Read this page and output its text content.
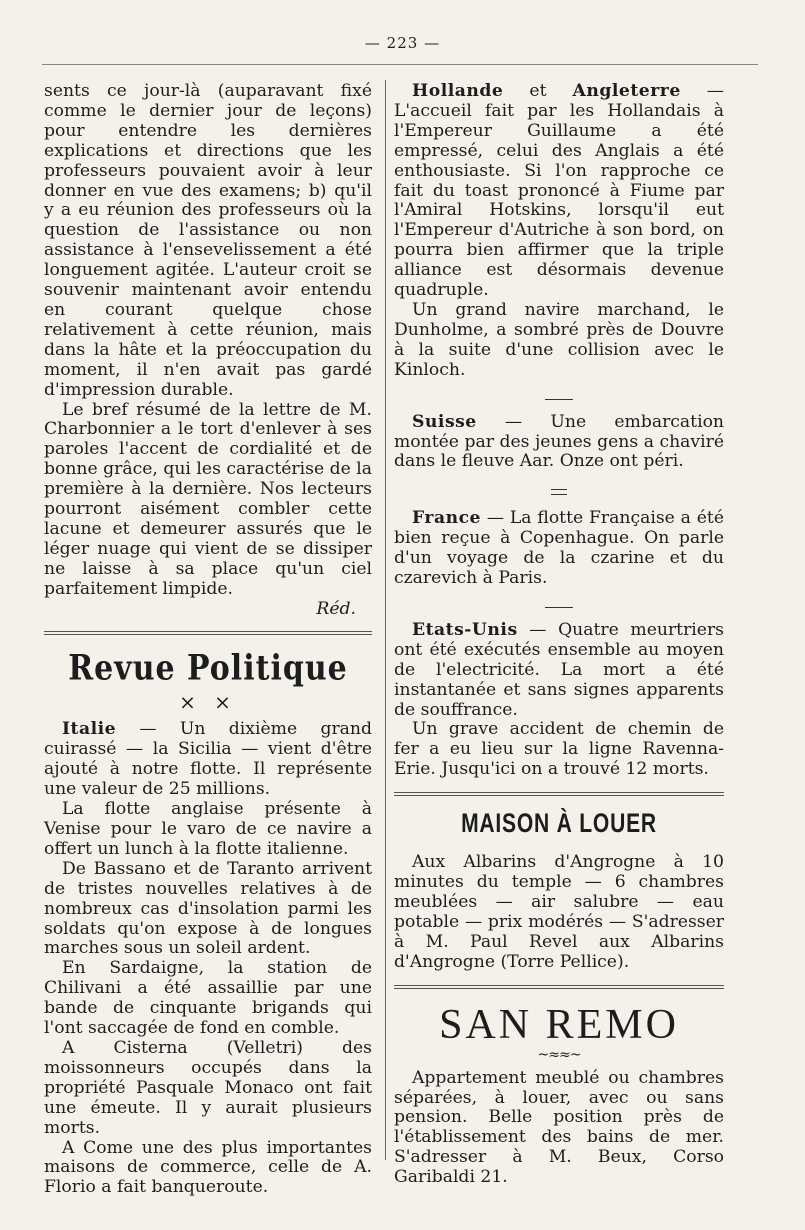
— 223 —

sents ce jour-là (auparavant fixé comme le dernier jour de leçons) pour entendre les dernières explications et directions que les professeurs pouvaient avoir à leur donner en vue des examens; b) qu'il y a eu réunion des professeurs où la question de l'assistance ou non assistance à l'ensevelissement a été longuement agitée. L'auteur croit se souvenir maintenant avoir entendu en courant quelque chose relativement à cette réunion, mais dans la hâte et la préoccupation du moment, il n'en avait pas gardé d'impression durable.

Le bref résumé de la lettre de M. Charbonnier a le tort d'enlever à ses paroles l'accent de cordialité et de bonne grâce, qui les caractérise de la première à la dernière. Nos lecteurs pourront aisément combler cette lacune et demeurer assurés que le léger nuage qui vient de se dissiper ne laisse à sa place qu'un ciel parfaitement limpide.

Réd.

Revue Politique
× ×

Italie — Un dixième grand cuirassé — la Sicilia — vient d'être ajouté à notre flotte. Il représente une valeur de 25 millions.

La flotte anglaise présente à Venise pour le varo de ce navire a offert un lunch à la flotte italienne.

De Bassano et de Taranto arrivent de tristes nouvelles relatives à de nombreux cas d'insolation parmi les soldats qu'on expose à de longues marches sous un soleil ardent.

En Sardaigne, la station de Chilivani a été assaillie par une bande de cinquante brigands qui l'ont saccagée de fond en comble.

A Cisterna (Velletri) des moissonneurs occupés dans la propriété Pasquale Monaco ont fait une émeute. Il y aurait plusieurs morts.

A Come une des plus importantes maisons de commerce, celle de A. Florio a fait banqueroute.

Hollande et Angleterre — L'accueil fait par les Hollandais à l'Empereur Guillaume a été empressé, celui des Anglais a été enthousiaste. Si l'on rapproche ce fait du toast prononcé à Fiume par l'Amiral Hotskins, lorsqu'il eut l'Empereur d'Autriche à son bord, on pourra bien affirmer que la triple alliance est désormais devenue quadruple.

Un grand navire marchand, le Dunholme, a sombré près de Douvre à la suite d'une collision avec le Kinloch.

Suisse — Une embarcation montée par des jeunes gens a chaviré dans le fleuve Aar. Onze ont péri.

France — La flotte Française a été bien reçue à Copenhague. On parle d'un voyage de la czarine et du czarevich à Paris.

Etats-Unis — Quatre meurtriers ont été exécutés ensemble au moyen de l'electricité. La mort a été instantanée et sans signes apparents de souffrance.

Un grave accident de chemin de fer a eu lieu sur la ligne Ravenna-Erie. Jusqu'ici on a trouvé 12 morts.

MAISON À LOUER

Aux Albarins d'Angrogne à 10 minutes du temple — 6 chambres meublées — air salubre — eau potable — prix modérés — S'adresser à M. Paul Revel aux Albarins d'Angrogne (Torre Pellice).

SAN REMO
~≈≈~

Appartement meublé ou chambres séparées, à louer, avec ou sans pension. Belle position près de l'établissement des bains de mer. S'adresser à M. Beux, Corso Garibaldi 21.
